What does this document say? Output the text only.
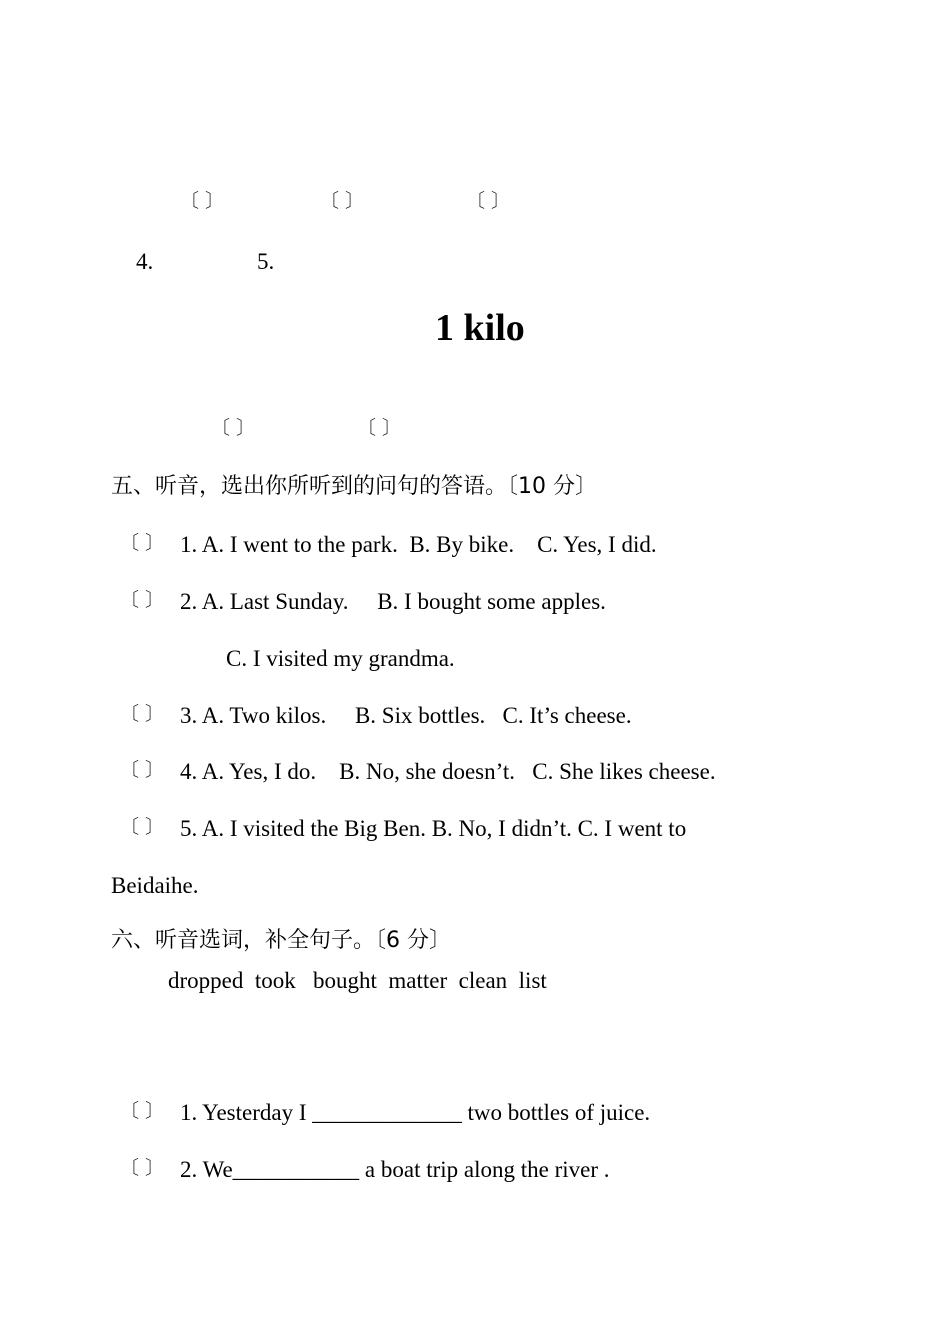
〔 〕	〔 〕	〔 〕
4.	5.
1 kilo
〔 〕	〔 〕
五、听音，选出你所听到的问句的答语。〔10 分〕
〔 〕 1. A. I went to the park.  B. By bike.    C. Yes, I did.
〔 〕 2. A. Last Sunday.     B. I bought some apples.
C. I visited my grandma.
〔 〕 3. A. Two kilos.     B. Six bottles.   C. It’s cheese.
〔 〕 4. A. Yes, I do.    B. No, she doesn’t.   C. She likes cheese.
〔 〕 5. A. I visited the Big Ben. B. No, I didn’t. C. I went to
Beidaihe.
六、听音选词，补全句子。〔6 分〕
dropped  took   bought  matter  clean  list
〔 〕 1. Yesterday I _____________ two bottles of juice.
〔 〕 2. We___________ a boat trip along the river .
